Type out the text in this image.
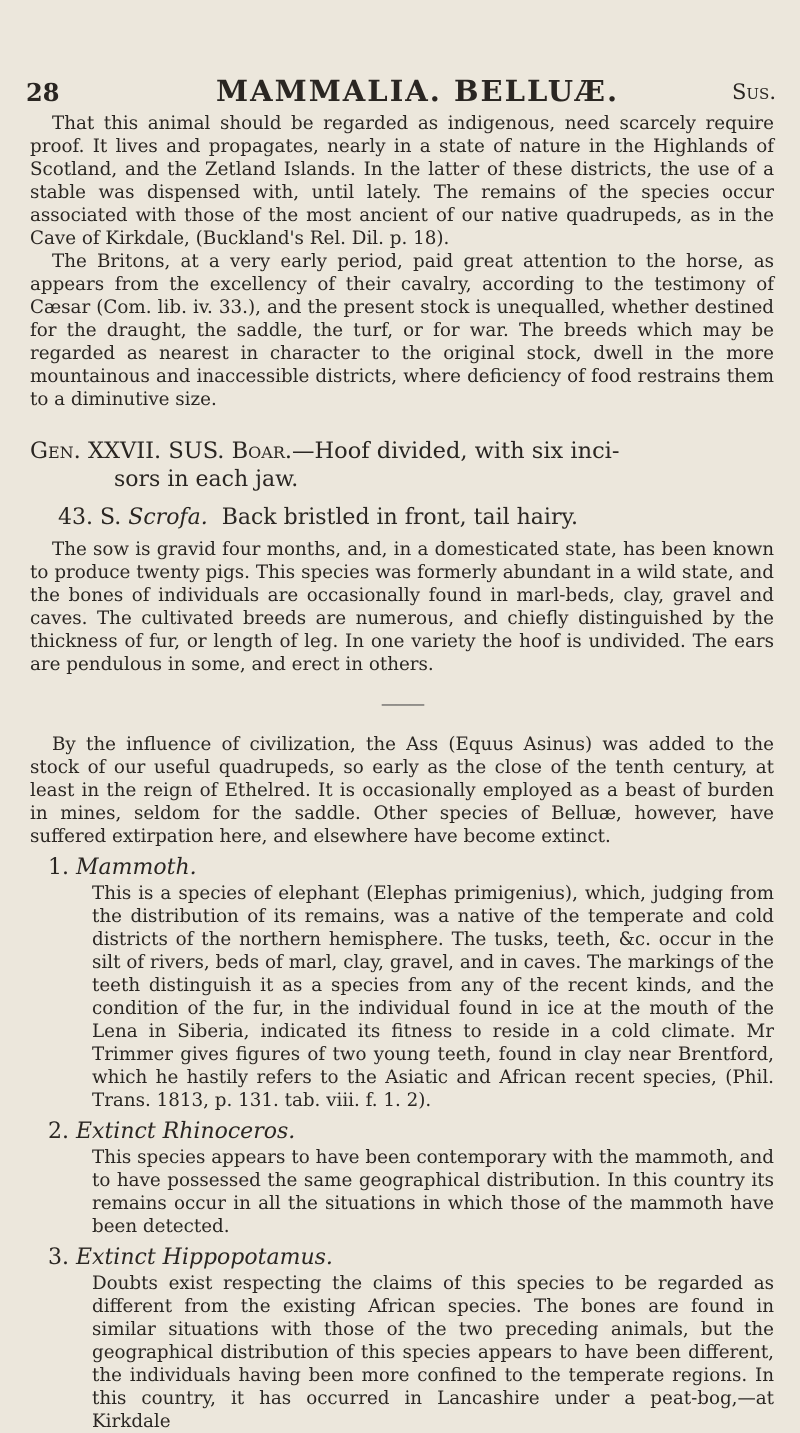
28	MAMMALIA. BELLUÆ.	Sus.

That this animal should be regarded as indigenous, need scarcely require proof. It lives and propagates, nearly in a state of nature in the Highlands of Scotland, and the Zetland Islands. In the latter of these districts, the use of a stable was dispensed with, until lately. The remains of the species occur associated with those of the most ancient of our native quadrupeds, as in the Cave of Kirkdale, (Buckland's Rel. Dil. p. 18).

The Britons, at a very early period, paid great attention to the horse, as appears from the excellency of their cavalry, according to the testimony of Cæsar (Com. lib. iv. 33.), and the present stock is unequalled, whether destined for the draught, the saddle, the turf, or for war. The breeds which may be regarded as nearest in character to the original stock, dwell in the more mountainous and inaccessible districts, where deficiency of food restrains them to a diminutive size.

Gen. XXVII. SUS. Boar.—Hoof divided, with six inci-
sors in each jaw.
43. S. Scrofa. Back bristled in front, tail hairy.

The sow is gravid four months, and, in a domesticated state, has been known to produce twenty pigs. This species was formerly abundant in a wild state, and the bones of individuals are occasionally found in marl-beds, clay, gravel and caves. The cultivated breeds are numerous, and chiefly distinguished by the thickness of fur, or length of leg. In one variety the hoof is undivided. The ears are pendulous in some, and erect in others.

———

By the influence of civilization, the Ass (Equus Asinus) was added to the stock of our useful quadrupeds, so early as the close of the tenth century, at least in the reign of Ethelred. It is occasionally employed as a beast of burden in mines, seldom for the saddle. Other species of Belluæ, however, have suffered extirpation here, and elsewhere have become extinct.

1. Mammoth.

This is a species of elephant (Elephas primigenius), which, judging from the distribution of its remains, was a native of the temperate and cold districts of the northern hemisphere. The tusks, teeth, &c. occur in the silt of rivers, beds of marl, clay, gravel, and in caves. The markings of the teeth distinguish it as a species from any of the recent kinds, and the condition of the fur, in the individual found in ice at the mouth of the Lena in Siberia, indicated its fitness to reside in a cold climate. Mr Trimmer gives figures of two young teeth, found in clay near Brentford, which he hastily refers to the Asiatic and African recent species, (Phil. Trans. 1813, p. 131. tab. viii. f. 1. 2).

2. Extinct Rhinoceros.

This species appears to have been contemporary with the mammoth, and to have possessed the same geographical distribution. In this country its remains occur in all the situations in which those of the mammoth have been detected.

3. Extinct Hippopotamus.

Doubts exist respecting the claims of this species to be regarded as different from the existing African species. The bones are found in similar situations with those of the two preceding animals, but the geographical distribution of this species appears to have been different, the individuals having been more confined to the temperate regions. In this country, it has occurred in Lancashire under a peat-bog,—at Kirkdale
